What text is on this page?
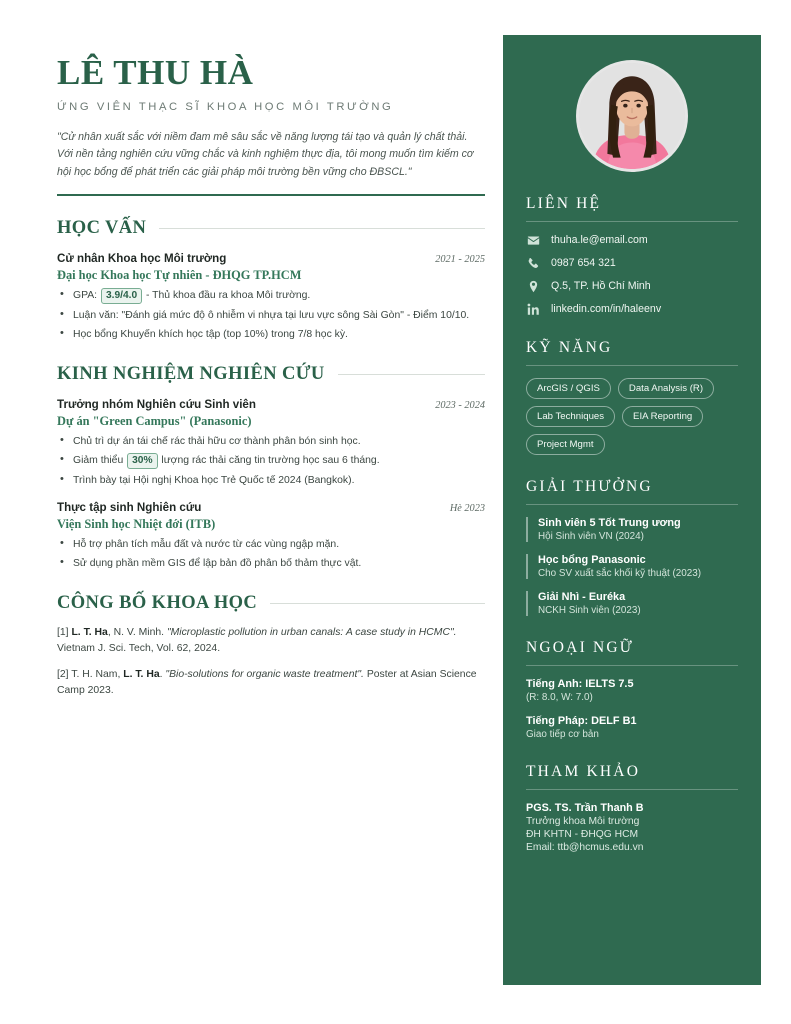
LÊ THU HÀ
ỨNG VIÊN THẠC SĨ KHOA HỌC MÔI TRƯỜNG
"Cử nhân xuất sắc với niềm đam mê sâu sắc về năng lượng tái tạo và quản lý chất thải. Với nền tảng nghiên cứu vững chắc và kinh nghiệm thực địa, tôi mong muốn tìm kiếm cơ hội học bổng để phát triển các giải pháp môi trường bền vững cho ĐBSCL."
HỌC VẤN
Cử nhân Khoa học Môi trường	2021 - 2025
Đại học Khoa học Tự nhiên - ĐHQG TP.HCM
• GPA: 3.9/4.0 - Thủ khoa đầu ra khoa Môi trường.
• Luận văn: "Đánh giá mức độ ô nhiễm vi nhựa tại lưu vực sông Sài Gòn" - Điểm 10/10.
• Học bổng Khuyến khích học tập (top 10%) trong 7/8 học kỳ.
KINH NGHIỆM NGHIÊN CỨU
Trưởng nhóm Nghiên cứu Sinh viên	2023 - 2024
Dự án "Green Campus" (Panasonic)
• Chủ trì dự án tái chế rác thải hữu cơ thành phân bón sinh học.
• Giảm thiểu 30% lượng rác thải căng tin trường học sau 6 tháng.
• Trình bày tại Hội nghị Khoa học Trẻ Quốc tế 2024 (Bangkok).
Thực tập sinh Nghiên cứu	Hè 2023
Viện Sinh học Nhiệt đới (ITB)
• Hỗ trợ phân tích mẫu đất và nước từ các vùng ngập mặn.
• Sử dụng phần mềm GIS để lập bản đồ phân bố thảm thực vật.
CÔNG BỐ KHOA HỌC
[1] L. T. Ha, N. V. Minh. "Microplastic pollution in urban canals: A case study in HCMC". Vietnam J. Sci. Tech, Vol. 62, 2024.
[2] T. H. Nam, L. T. Ha. "Bio-solutions for organic waste treatment". Poster at Asian Science Camp 2023.
LIÊN HỆ
thuha.le@email.com
0987 654 321
Q.5, TP. Hồ Chí Minh
linkedin.com/in/haleenv
KỸ NĂNG
ArcGIS / QGIS	Data Analysis (R)
Lab Techniques	EIA Reporting
Project Mgmt
GIẢI THƯỞNG
Sinh viên 5 Tốt Trung ương
Hội Sinh viên VN (2024)
Học bổng Panasonic
Cho SV xuất sắc khối kỹ thuật (2023)
Giải Nhì - Euréka
NCKH Sinh viên (2023)
NGOẠI NGỮ
Tiếng Anh: IELTS 7.5
(R: 8.0, W: 7.0)
Tiếng Pháp: DELF B1
Giao tiếp cơ bản
THAM KHẢO
PGS. TS. Trần Thanh B
Trưởng khoa Môi trường
ĐH KHTN - ĐHQG HCM
Email: ttb@hcmus.edu.vn
